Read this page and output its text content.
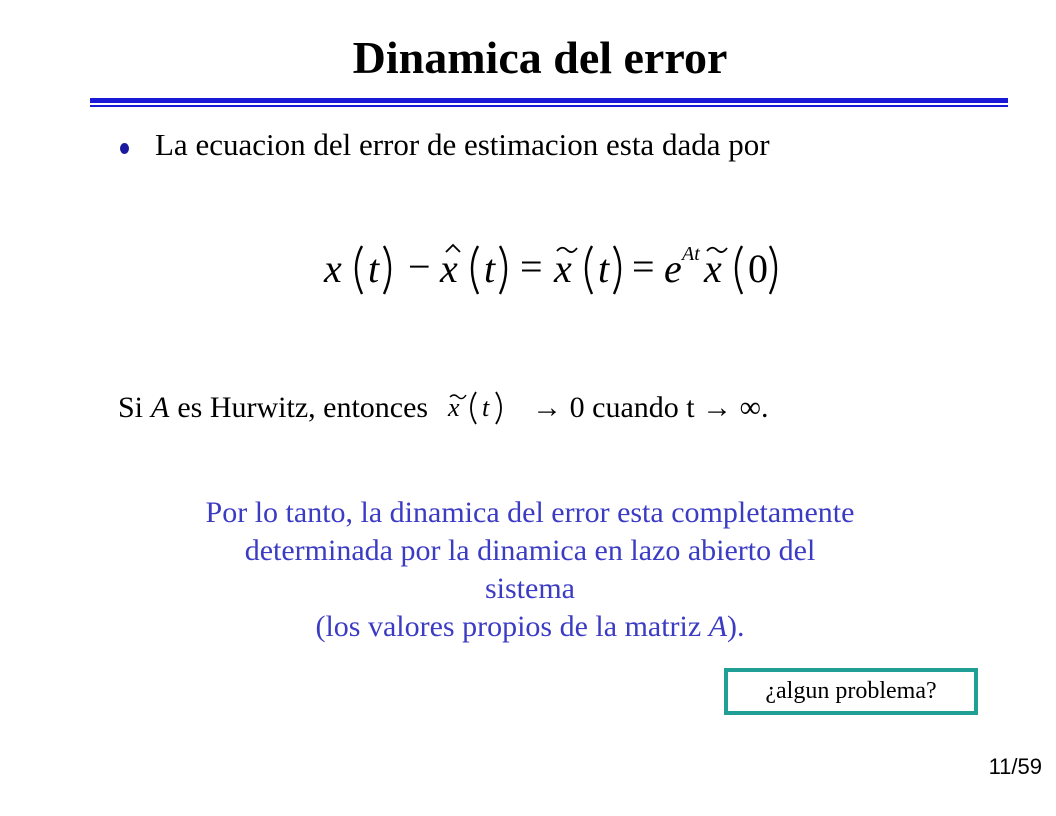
Dinamica del error
La ecuacion del error de estimacion esta dada por
x t − x t = x t = e At x 0
Si A es Hurwitz, entonces x t → 0 cuando t → ∞.
Por lo tanto, la dinamica del error esta completamente
determinada por la dinamica en lazo abierto del
sistema
(los valores propios de la matriz A).
¿algun problema?
11/59
